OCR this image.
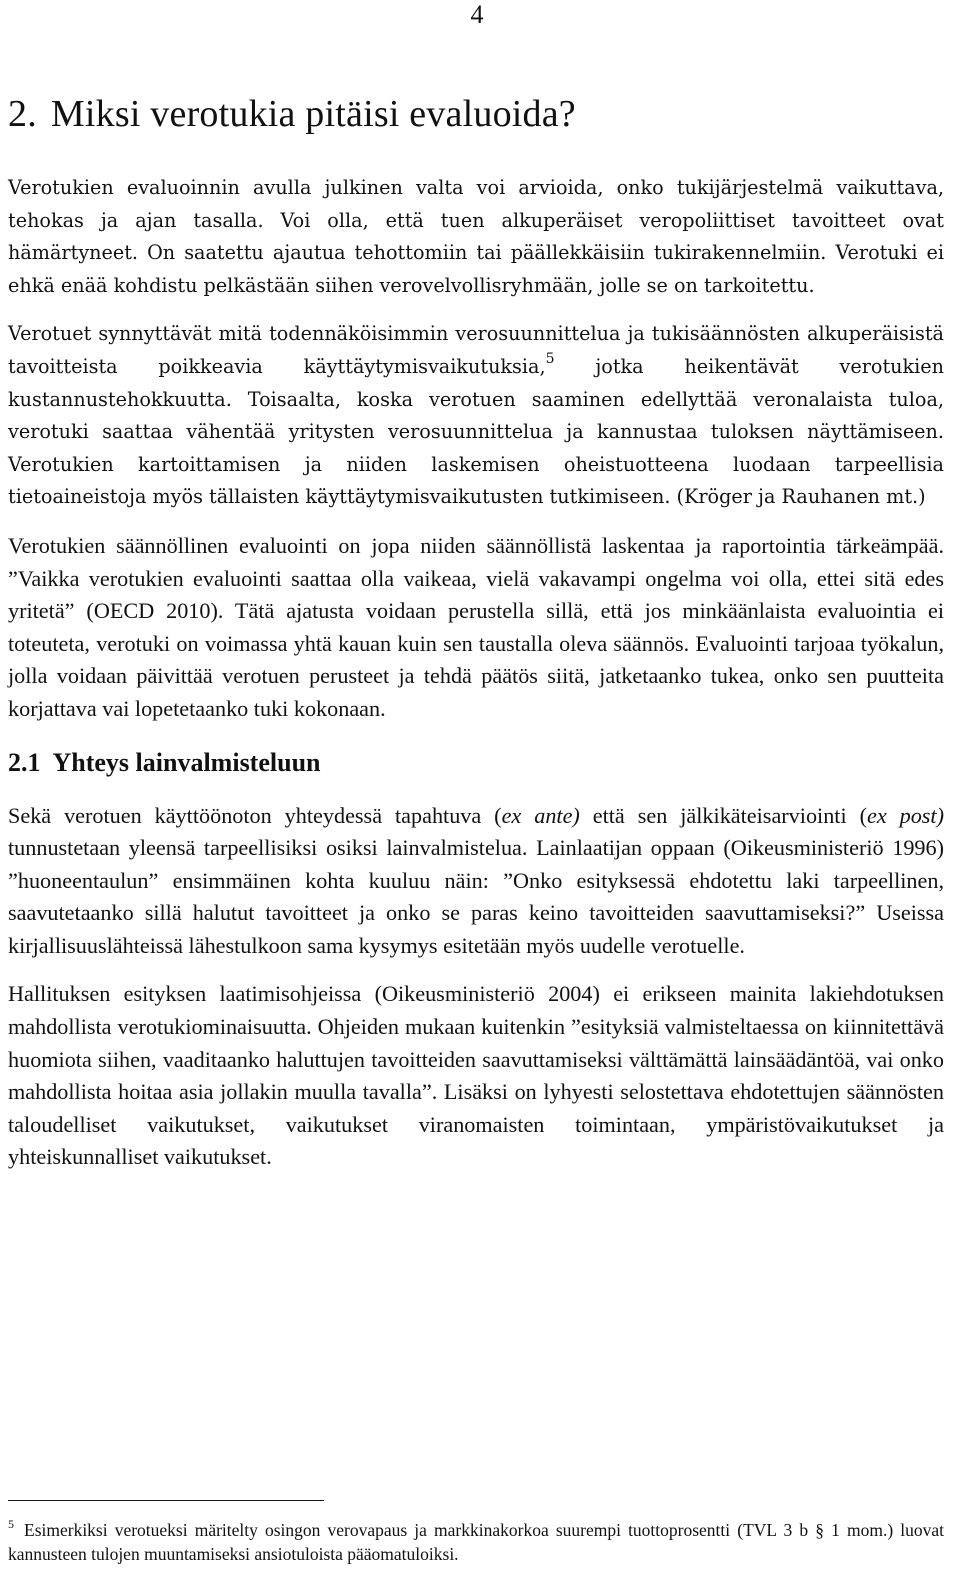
4
2. Miksi verotukia pitäisi evaluoida?

Verotukien evaluoinnin avulla julkinen valta voi arvioida, onko tukijärjestelmä vaikuttava, tehokas ja ajan tasalla. Voi olla, että tuen alkuperäiset veropoliittiset tavoitteet ovat hämärtyneet. On saatettu ajautua tehottomiin tai päällekkäisiin tukirakennelmiin. Verotuki ei ehkä enää kohdistu pelkästään siihen verovelvollisryhmään, jolle se on tarkoitettu.

Verotuet synnyttävät mitä todennäköisimmin verosuunnittelua ja tukisäännösten alkuperäisistä tavoitteista poikkeavia käyttäytymisvaikutuksia,$^5$ jotka heikentävät verotukien kustannustehokkuutta. Toisaalta, koska verotuen saaminen edellyttää veronalaista tuloa, verotuki saattaa vähentää yritysten verosuunnittelua ja kannustaa tuloksen näyttämiseen. Verotukien kartoittamisen ja niiden laskemisen oheistuotteena luodaan tarpeellisia tietoaineistoja myös tällaisten käyttäytymisvaikutusten tutkimiseen. (Kröger ja Rauhanen mt.)

Verotukien säännöllinen evaluointi on jopa niiden säännöllistä laskentaa ja raportointia tärkeämpää. ”Vaikka verotukien evaluointi saattaa olla vaikeaa, vielä vakavampi ongelma voi olla, ettei sitä edes yritetä” (OECD 2010). Tätä ajatusta voidaan perustella sillä, että jos minkäänlaista evaluointia ei toteuteta, verotuki on voimassa yhtä kauan kuin sen taustalla oleva säännös. Evaluointi tarjoaa työkalun, jolla voidaan päivittää verotuen perusteet ja tehdä päätös siitä, jatketaanko tukea, onko sen puutteita korjattava vai lopetetaanko tuki kokonaan.

2.1 Yhteys lainvalmisteluun

Sekä verotuen käyttöönoton yhteydessä tapahtuva (ex ante) että sen jälkikäteisarviointi (ex post) tunnustetaan yleensä tarpeellisiksi osiksi lainvalmistelua. Lainlaatijan oppaan (Oikeusministeriö 1996) ”huoneentaulun” ensimmäinen kohta kuuluu näin: ”Onko esityksessä ehdotettu laki tarpeellinen, saavutetaanko sillä halutut tavoitteet ja onko se paras keino tavoitteiden saavuttamiseksi?” Useissa kirjallisuuslähteissä lähestulkoon sama kysymys esitetään myös uudelle verotuelle.

Hallituksen esityksen laatimisohjeissa (Oikeusministeriö 2004) ei erikseen mainita lakiehdotuksen mahdollista verotukiominaisuutta. Ohjeiden mukaan kuitenkin ”esityksiä valmisteltaessa on kiinnitettävä huomiota siihen, vaaditaanko haluttujen tavoitteiden saavuttamiseksi välttämättä lainsäädäntöä, vai onko mahdollista hoitaa asia jollakin muulla tavalla”. Lisäksi on lyhyesti selostettava ehdotettujen säännösten taloudelliset vaikutukset, vaikutukset viranomaisten toimintaan, ympäristövaikutukset ja yhteiskunnalliset vaikutukset.

$^5$ Esimerkiksi verotueksi märitelty osingon verovapaus ja markkinakorkoa suurempi tuottoprosentti (TVL 3 b § 1 mom.) luovat kannusteen tulojen muuntamiseksi ansiotuloista pääomatuloiksi.
